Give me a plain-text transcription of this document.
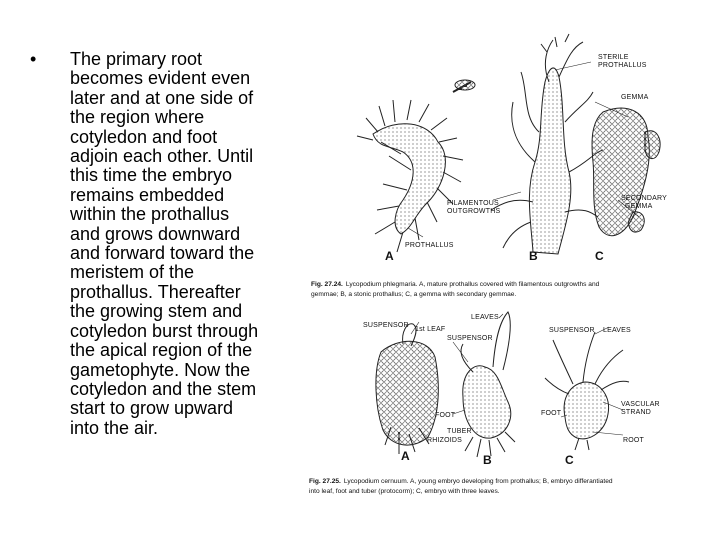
• The primary root
becomes evident even
later and at one side of
the region where
cotyledon and foot
adjoin each other. Until
this time the embryo
remains embedded
within the prothallus
and grows downward
and forward toward the
meristem of the
prothallus. Thereafter
the growing stem and
cotyledon burst through
the apical region of the
gametophyte. Now the
cotyledon and the stem
start to grow upward
into the air.
STERILE
PROTHALLUS
GEMMA
FILAMENTOUS
OUTGROWTHS
SECONDARY
GEMMA
PROTHALLUS
A	B	C
Fig. 27.24. Lycopodium phlegmaria. A, mature prothallus covered with filamentous outgrowths and
gemmae; B, a stonic prothallus; C, a gemma with secondary gemmae.
LEAVES
SUSPENSOR
1st LEAF
SUSPENSOR
SUSPENSOR LEAVES
FOOT	FOOT
TUBER
RHIZOIDS
VASCULAR
STRAND
ROOT
A	B	C
Fig. 27.25. Lycopodium cernuum. A, young embryo developing from prothallus; B, embryo differantiated
into leaf, foot and tuber (protocorm); C, embryo with three leaves.
